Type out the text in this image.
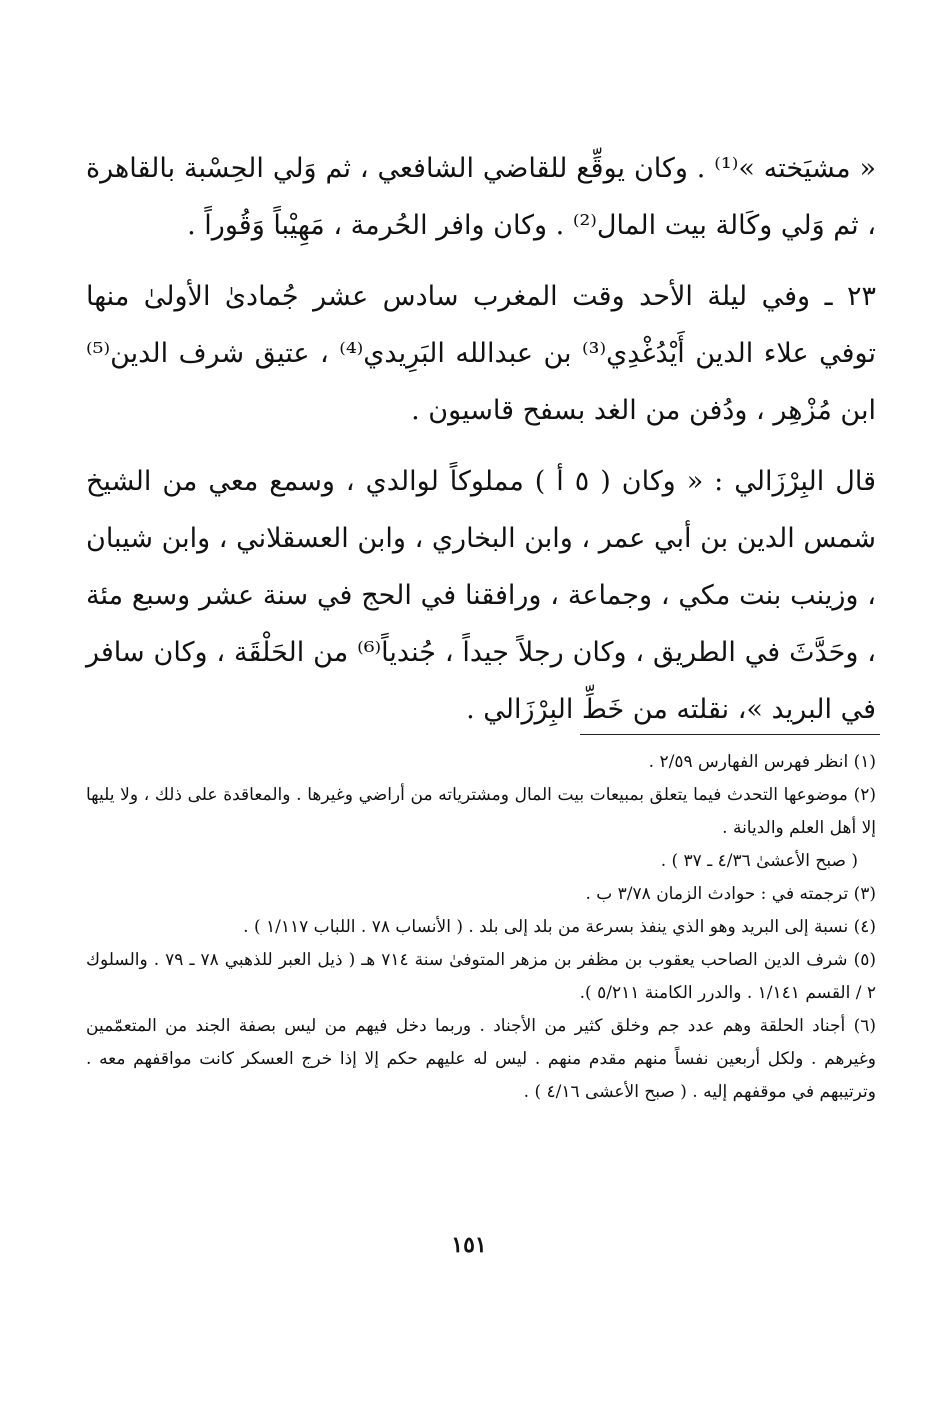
« مشيَخته »⁽¹⁾ . وكان يوقِّع للقاضي الشافعي ، ثم وَلي الحِسْبة بالقاهرة ، ثم وَلي وكَالة بيت المال⁽²⁾ . وكان وافر الحُرمة ، مَهِيْباً وَقُوراً .

٢٣ ـ وفي ليلة الأحد وقت المغرب سادس عشر جُمادىٰ الأولىٰ منها توفي علاء الدين أَيْدُغْدِي⁽³⁾ بن عبدالله البَرِيدي⁽⁴⁾ ، عتيق شرف الدين⁽⁵⁾ ابن مُزْهِر ، ودُفن من الغد بسفح قاسيون .

قال البِرْزَالي : « وكان ( ٥ أ ) مملوكاً لوالدي ، وسمع معي من الشيخ شمس الدين بن أبي عمر ، وابن البخاري ، وابن العسقلاني ، وابن شيبان ، وزينب بنت مكي ، وجماعة ، ورافقنا في الحج في سنة عشر وسبع مئة ، وحَدَّثَ في الطريق ، وكان رجلاً جيداً ، جُندياً⁽⁶⁾ من الحَلْقَة ، وكان سافر في البريد »، نقلته من خَطِّ البِرْزَالي .

(١) انظر فهرس الفهارس ٢/٥٩ .

(٢) موضوعها التحدث فيما يتعلق بمبيعات بيت المال ومشترياته من أراضي وغيرها . والمعاقدة على ذلك ، ولا يليها إلا أهل العلم والديانة .

( صبح الأعشىٰ ٤/٣٦ ـ ٣٧ ) .

(٣) ترجمته في : حوادث الزمان ٣/٧٨ ب .

(٤) نسبة إلى البريد وهو الذي ينفذ بسرعة من بلد إلى بلد . ( الأنساب ٧٨ . اللباب ١/١١٧ ) .

(٥) شرف الدين الصاحب يعقوب بن مظفر بن مزهر المتوفىٰ سنة ٧١٤ هـ ( ذيل العبر للذهبي ٧٨ ـ ٧٩ . والسلوك ٢ / القسم ١/١٤١ . والدرر الكامنة ٥/٢١١ ).

(٦) أجناد الحلقة وهم عدد جم وخلق كثير من الأجناد . وربما دخل فيهم من ليس بصفة الجند من المتعمّمين وغيرهم . ولكل أربعين نفساً منهم مقدم منهم . ليس له عليهم حكم إلا إذا خرج العسكر كانت مواقفهم معه . وترتيبهم في موقفهم إليه . ( صبح الأعشى ٤/١٦ ) .

١٥١
